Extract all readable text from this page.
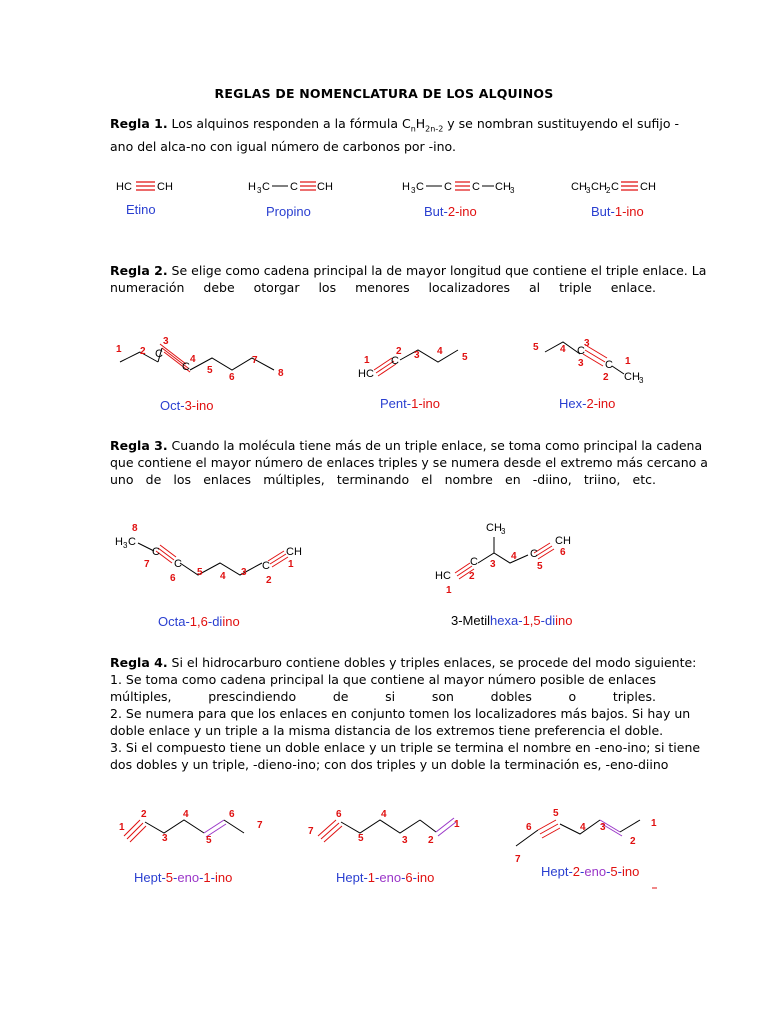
REGLAS DE NOMENCLATURA DE LOS ALQUINOS
Regla 1. Los alquinos responden a la fórmula $C_nH_{2n-2}$ y se nombran sustituyendo el sufijo -
ano del alca-no con igual número de carbonos por -ino.
HC CH
Etino
H 3 C C CH
Propino
H 3 C C C CH 3
But-2-ino
CH 3 CH 2 C CH
But-1-ino
Regla 2. Se elige como cadena principal la de mayor longitud que contiene el triple enlace. La
numeración debe otorgar los menores localizadores al triple enlace.
1 2
3
C
C
4
5
6
7
8
Oct-3-ino
HC
1 C
2 3 4
5
Pent-1-ino
5 4 C
3
3 C 1
2 CH 3
Hex-2-ino
Regla 3. Cuando la molécula tiene más de un triple enlace, se toma como principal la cadena
que contiene el mayor número de enlaces triples y se numera desde el extremo más cercano a
uno de los enlaces múltiples, terminando el nombre en -diino, triino, etc.
8
H 3 C
C
7 C
6
5 4 3
C
2
CH
1
Octa-1,6-diino
CH 3
HC
1
C
2
3
4 C
5
CH
6
3-Metilhexa-1,5-diino
Regla 4. Si el hidrocarburo contiene dobles y triples enlaces, se procede del modo siguiente:
1. Se toma como cadena principal la que contiene al mayor número posible de enlaces
múltiples, prescindiendo de si son dobles o triples.
2. Se numera para que los enlaces en conjunto tomen los localizadores más bajos. Si hay un
doble enlace y un triple a la misma distancia de los extremos tiene preferencia el doble.
3. Si el compuesto tiene un doble enlace y un triple se termina el nombre en -eno-ino; si tiene
dos dobles y un triple, -dieno-ino; con dos triples y un doble la terminación es, -eno-diino
1
2
3
4
5
6
7
Hept-5-eno-1-ino
7
6
5
4
3 2
1
Hept-1-eno-6-ino
7
6
5
4 3
2
1
Hept-2-eno-5-ino
